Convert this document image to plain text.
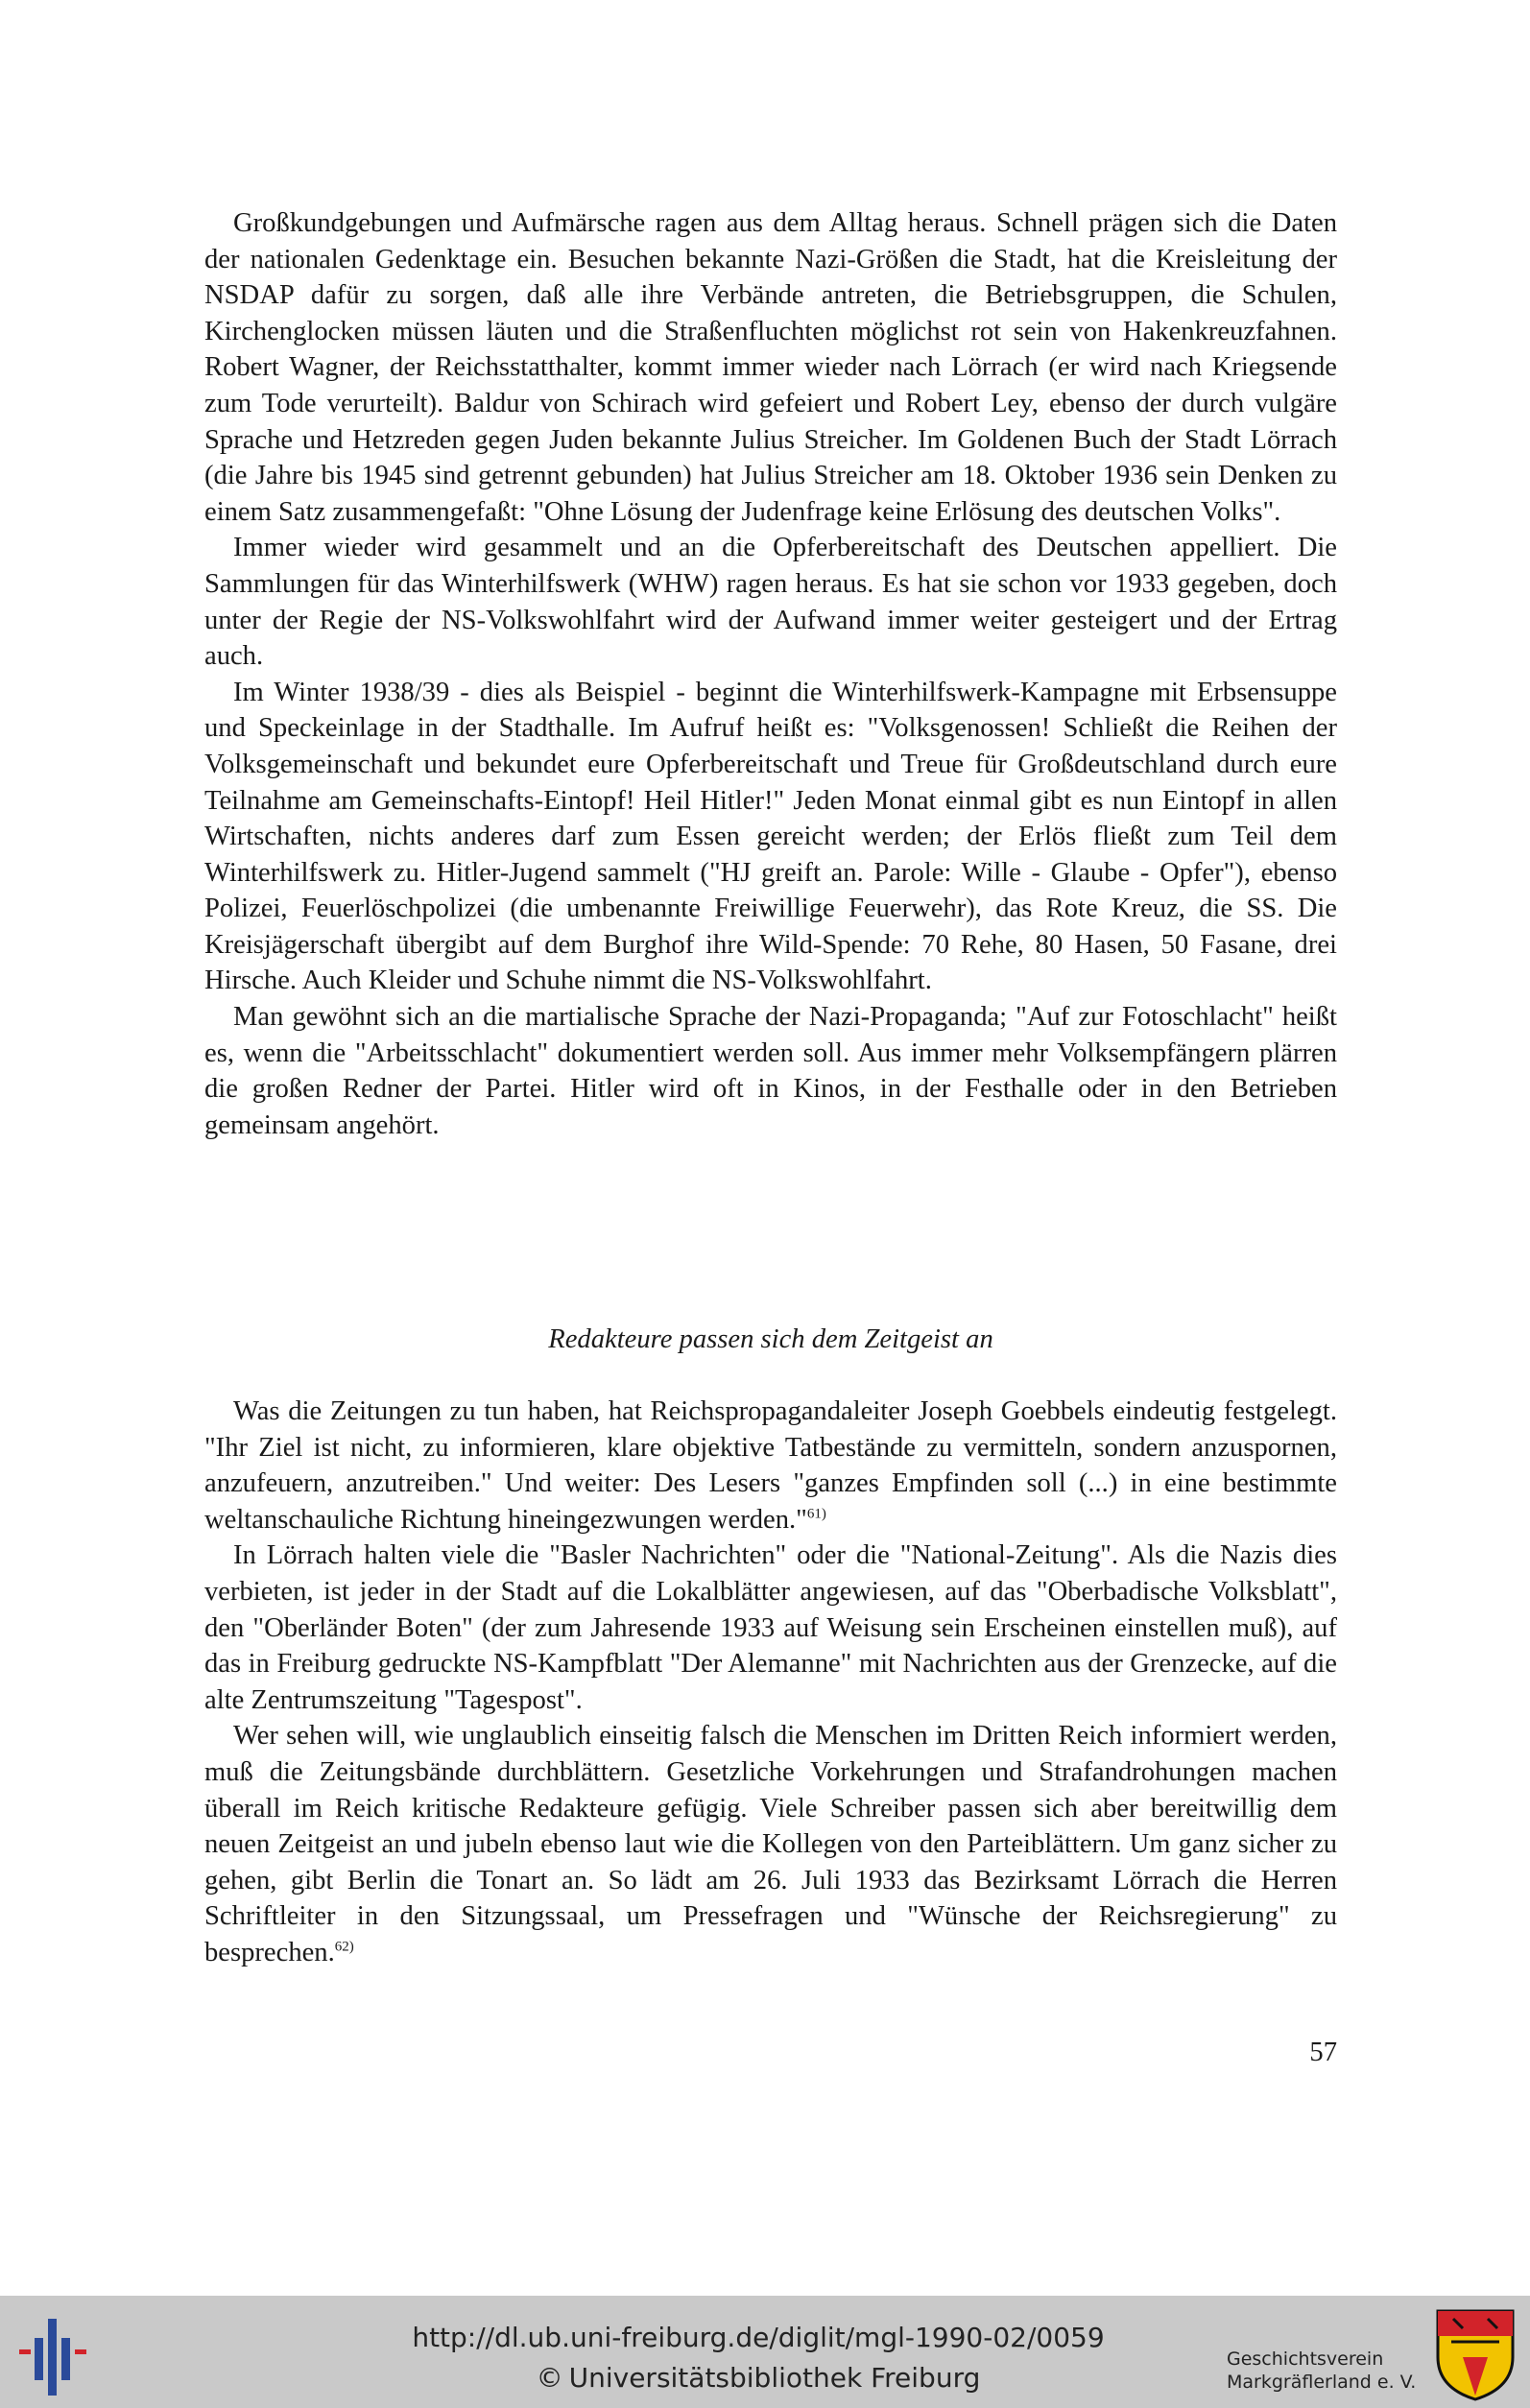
Großkundgebungen und Aufmärsche ragen aus dem Alltag heraus. Schnell prägen sich die Daten der nationalen Gedenktage ein. Besuchen bekannte Nazi-Größen die Stadt, hat die Kreisleitung der NSDAP dafür zu sorgen, daß alle ihre Verbände antreten, die Betriebsgruppen, die Schulen, Kirchenglocken müssen läuten und die Straßenfluchten möglichst rot sein von Hakenkreuzfahnen. Robert Wagner, der Reichsstatthalter, kommt immer wieder nach Lörrach (er wird nach Kriegsende zum Tode verurteilt). Baldur von Schirach wird gefeiert und Robert Ley, ebenso der durch vulgäre Sprache und Hetzreden gegen Juden bekannte Julius Streicher. Im Goldenen Buch der Stadt Lörrach (die Jahre bis 1945 sind getrennt gebunden) hat Julius Streicher am 18. Oktober 1936 sein Denken zu einem Satz zusammengefaßt: "Ohne Lösung der Judenfrage keine Erlösung des deutschen Volks".

Immer wieder wird gesammelt und an die Opferbereitschaft des Deutschen appelliert. Die Sammlungen für das Winterhilfswerk (WHW) ragen heraus. Es hat sie schon vor 1933 gegeben, doch unter der Regie der NS-Volkswohlfahrt wird der Aufwand immer weiter gesteigert und der Ertrag auch.

Im Winter 1938/39 - dies als Beispiel - beginnt die Winterhilfswerk-Kampagne mit Erbsensuppe und Speckeinlage in der Stadthalle. Im Aufruf heißt es: "Volksgenossen! Schließt die Reihen der Volksgemeinschaft und bekundet eure Opferbereitschaft und Treue für Großdeutschland durch eure Teilnahme am Gemeinschafts-Eintopf! Heil Hitler!" Jeden Monat einmal gibt es nun Eintopf in allen Wirtschaften, nichts anderes darf zum Essen gereicht werden; der Erlös fließt zum Teil dem Winterhilfswerk zu. Hitler-Jugend sammelt ("HJ greift an. Parole: Wille - Glaube - Opfer"), ebenso Polizei, Feuerlöschpolizei (die umbenannte Freiwillige Feuerwehr), das Rote Kreuz, die SS. Die Kreisjägerschaft übergibt auf dem Burghof ihre Wild-Spende: 70 Rehe, 80 Hasen, 50 Fasane, drei Hirsche. Auch Kleider und Schuhe nimmt die NS-Volkswohlfahrt.

Man gewöhnt sich an die martialische Sprache der Nazi-Propaganda; "Auf zur Fotoschlacht" heißt es, wenn die "Arbeitsschlacht" dokumentiert werden soll. Aus immer mehr Volksempfängern plärren die großen Redner der Partei. Hitler wird oft in Kinos, in der Festhalle oder in den Betrieben gemeinsam angehört.

Redakteure passen sich dem Zeitgeist an

Was die Zeitungen zu tun haben, hat Reichspropagandaleiter Joseph Goebbels eindeutig festgelegt. "Ihr Ziel ist nicht, zu informieren, klare objektive Tatbestände zu vermitteln, sondern anzuspornen, anzufeuern, anzutreiben." Und weiter: Des Lesers "ganzes Empfinden soll (...) in eine bestimmte weltanschauliche Richtung hineingezwungen werden."$^{61)}$

In Lörrach halten viele die "Basler Nachrichten" oder die "National-Zeitung". Als die Nazis dies verbieten, ist jeder in der Stadt auf die Lokalblätter angewiesen, auf das "Oberbadische Volksblatt", den "Oberländer Boten" (der zum Jahresende 1933 auf Weisung sein Erscheinen einstellen muß), auf das in Freiburg gedruckte NS-Kampfblatt "Der Alemanne" mit Nachrichten aus der Grenzecke, auf die alte Zentrumszeitung "Tagespost".

Wer sehen will, wie unglaublich einseitig falsch die Menschen im Dritten Reich informiert werden, muß die Zeitungsbände durchblättern. Gesetzliche Vorkehrungen und Strafandrohungen machen überall im Reich kritische Redakteure gefügig. Viele Schreiber passen sich aber bereitwillig dem neuen Zeitgeist an und jubeln ebenso laut wie die Kollegen von den Parteiblättern. Um ganz sicher zu gehen, gibt Berlin die Tonart an. So lädt am 26. Juli 1933 das Bezirksamt Lörrach die Herren Schriftleiter in den Sitzungssaal, um Pressefragen und "Wünsche der Reichsregierung" zu besprechen.$^{62)}$

57
http://dl.ub.uni-freiburg.de/diglit/mgl-1990-02/0059
© Universitätsbibliothek Freiburg
Geschichtsverein
Markgräflerland e. V.
